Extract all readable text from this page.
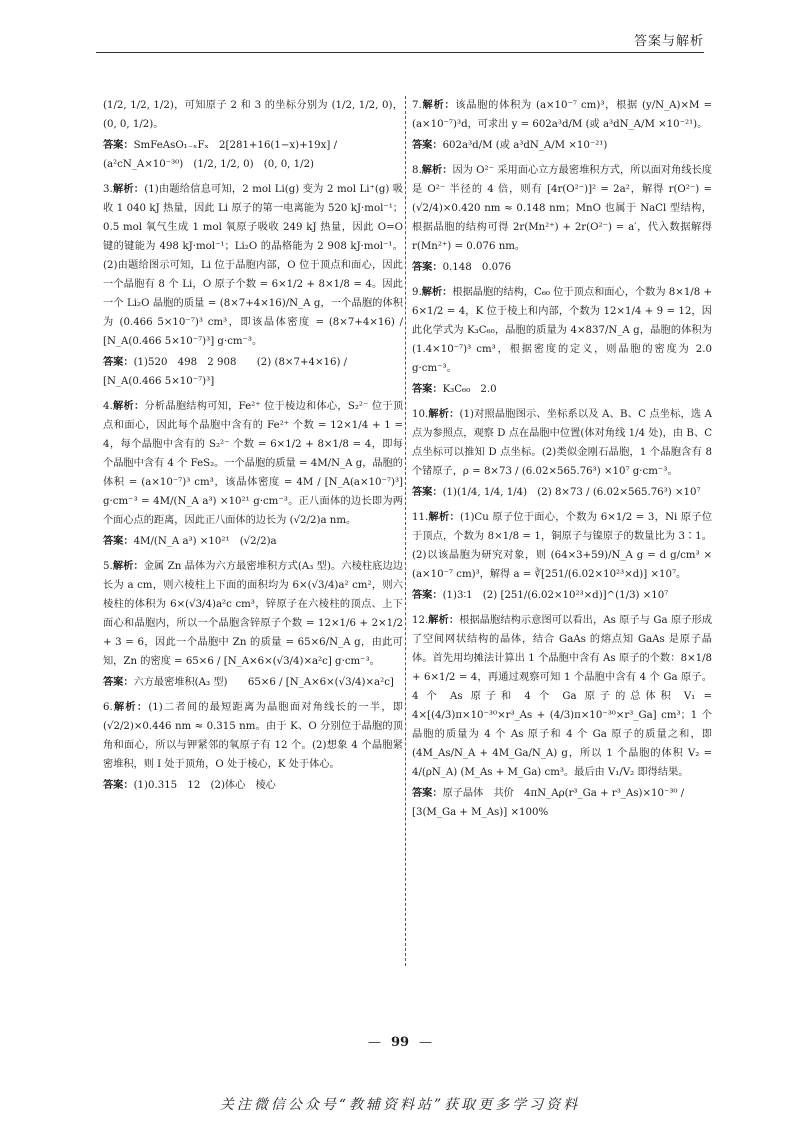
答案与解析
(1/2, 1/2, 1/2)，可知原子 2 和 3 的坐标分别为 (1/2, 1/2, 0)，(0, 0, 1/2)。
答案：SmFeAsO₁₋ₓFₓ　2[281+16(1−x)+19x] / (a²cN_A×10⁻³⁰)　(1/2, 1/2, 0)　(0, 0, 1/2)
3.解析：(1)由题给信息可知，2 mol Li(g) 变为 2 mol Li⁺(g) 吸收 1 040 kJ 热量，因此 Li 原子的第一电离能为 520 kJ·mol⁻¹；0.5 mol 氧气生成 1 mol 氧原子吸收 249 kJ 热量，因此 O=O 键的键能为 498 kJ·mol⁻¹；Li₂O 的晶格能为 2 908 kJ·mol⁻¹。(2)由题给图示可知，Li 位于晶胞内部，O 位于顶点和面心，因此一个晶胞有 8 个 Li，O 原子个数 = 6×1/2 + 8×1/8 = 4。因此一个 Li₂O 晶胞的质量 = (8×7+4×16)/N_A g，一个晶胞的体积为 (0.466 5×10⁻⁷)³ cm³，即该晶体密度 = (8×7+4×16) / [N_A(0.466 5×10⁻⁷)³] g·cm⁻³。
答案：(1)520　498　2 908　　(2) (8×7+4×16) / [N_A(0.466 5×10⁻⁷)³]
4.解析：分析晶胞结构可知，Fe²⁺ 位于棱边和体心，S₂²⁻ 位于顶点和面心，因此每个晶胞中含有的 Fe²⁺ 个数 = 12×1/4 + 1 = 4，每个晶胞中含有的 S₂²⁻ 个数 = 6×1/2 + 8×1/8 = 4，即每个晶胞中含有 4 个 FeS₂。一个晶胞的质量 = 4M/N_A g，晶胞的体积 = (a×10⁻⁷)³ cm³，该晶体密度 = 4M / [N_A(a×10⁻⁷)³] g·cm⁻³ = 4M/(N_A a³) ×10²¹ g·cm⁻³。正八面体的边长即为两个面心点的距离，因此正八面体的边长为 (√2/2)a nm。
答案：4M/(N_A a³) ×10²¹　(√2/2)a
5.解析：金属 Zn 晶体为六方最密堆积方式(A₃ 型)。六棱柱底边边长为 a cm，则六棱柱上下面的面积均为 6×(√3/4)a² cm²，则六棱柱的体积为 6×(√3/4)a²c cm³，锌原子在六棱柱的顶点、上下面心和晶胞内，所以一个晶胞含锌原子个数 = 12×1/6 + 2×1/2 + 3 = 6，因此一个晶胞中 Zn 的质量 = 65×6/N_A g，由此可知，Zn 的密度 = 65×6 / [N_A×6×(√3/4)×a²c] g·cm⁻³。
答案：六方最密堆积(A₃ 型)　　65×6 / [N_A×6×(√3/4)×a²c]
6.解析：(1)二者间的最短距离为晶胞面对角线长的一半，即 (√2/2)×0.446 nm ≈ 0.315 nm。由于 K、O 分别位于晶胞的顶角和面心，所以与钾紧邻的氧原子有 12 个。(2)想象 4 个晶胞紧密堆积，则 I 处于顶角，O 处于棱心，K 处于体心。
答案：(1)0.315　12　(2)体心　棱心
7.解析：该晶胞的体积为 (a×10⁻⁷ cm)³，根据 (y/N_A)×M = (a×10⁻⁷)³d，可求出 y = 602a³d/M (或 a³dN_A/M ×10⁻²¹)。
答案：602a³d/M (或 a³dN_A/M ×10⁻²¹)
8.解析：因为 O²⁻ 采用面心立方最密堆积方式，所以面对角线长度是 O²⁻ 半径的 4 倍，则有 [4r(O²⁻)]² = 2a²，解得 r(O²⁻) = (√2/4)×0.420 nm ≈ 0.148 nm；MnO 也属于 NaCl 型结构，根据晶胞的结构可得 2r(Mn²⁺) + 2r(O²⁻) = a′，代入数据解得 r(Mn²⁺) = 0.076 nm。
答案：0.148　0.076
9.解析：根据晶胞的结构，C₆₀ 位于顶点和面心，个数为 8×1/8 + 6×1/2 = 4，K 位于棱上和内部，个数为 12×1/4 + 9 = 12，因此化学式为 K₃C₆₀，晶胞的质量为 4×837/N_A g，晶胞的体积为 (1.4×10⁻⁷)³ cm³，根据密度的定义，则晶胞的密度为 2.0 g·cm⁻³。
答案：K₃C₆₀　2.0
10.解析：(1)对照晶胞图示、坐标系以及 A、B、C 点坐标，选 A 点为参照点，观察 D 点在晶胞中位置(体对角线 1/4 处)，由 B、C 点坐标可以推知 D 点坐标。(2)类似金刚石晶胞，1 个晶胞含有 8 个锗原子，ρ = 8×73 / (6.02×565.76³) ×10⁷ g·cm⁻³。
答案：(1)(1/4, 1/4, 1/4)　(2) 8×73 / (6.02×565.76³) ×10⁷
11.解析：(1)Cu 原子位于面心，个数为 6×1/2 = 3，Ni 原子位于顶点，个数为 8×1/8 = 1，铜原子与镍原子的数量比为 3∶1。(2)以该晶胞为研究对象，则 (64×3+59)/N_A g = d g/cm³ × (a×10⁻⁷ cm)³，解得 a = ∛[251/(6.02×10²³×d)] ×10⁷。
答案：(1)3∶1　(2) [251/(6.02×10²³×d)]^(1/3) ×10⁷
12.解析：根据晶胞结构示意图可以看出，As 原子与 Ga 原子形成了空间网状结构的晶体，结合 GaAs 的熔点知 GaAs 是原子晶体。首先用均摊法计算出 1 个晶胞中含有 As 原子的个数：8×1/8 + 6×1/2 = 4，再通过观察可知 1 个晶胞中含有 4 个 Ga 原子。4 个 As 原子和 4 个 Ga 原子的总体积 V₁ = 4×[(4/3)π×10⁻³⁰×r³_As + (4/3)π×10⁻³⁰×r³_Ga] cm³；1 个晶胞的质量为 4 个 As 原子和 4 个 Ga 原子的质量之和，即 (4M_As/N_A + 4M_Ga/N_A) g，所以 1 个晶胞的体积 V₂ = 4/(ρN_A) (M_As + M_Ga) cm³。最后由 V₁/V₂ 即得结果。
答案：原子晶体　共价　4πN_Aρ(r³_Ga + r³_As)×10⁻³⁰ / [3(M_Ga + M_As)] ×100%
— 99 —
关注微信公众号“教辅资料站”获取更多学习资料
